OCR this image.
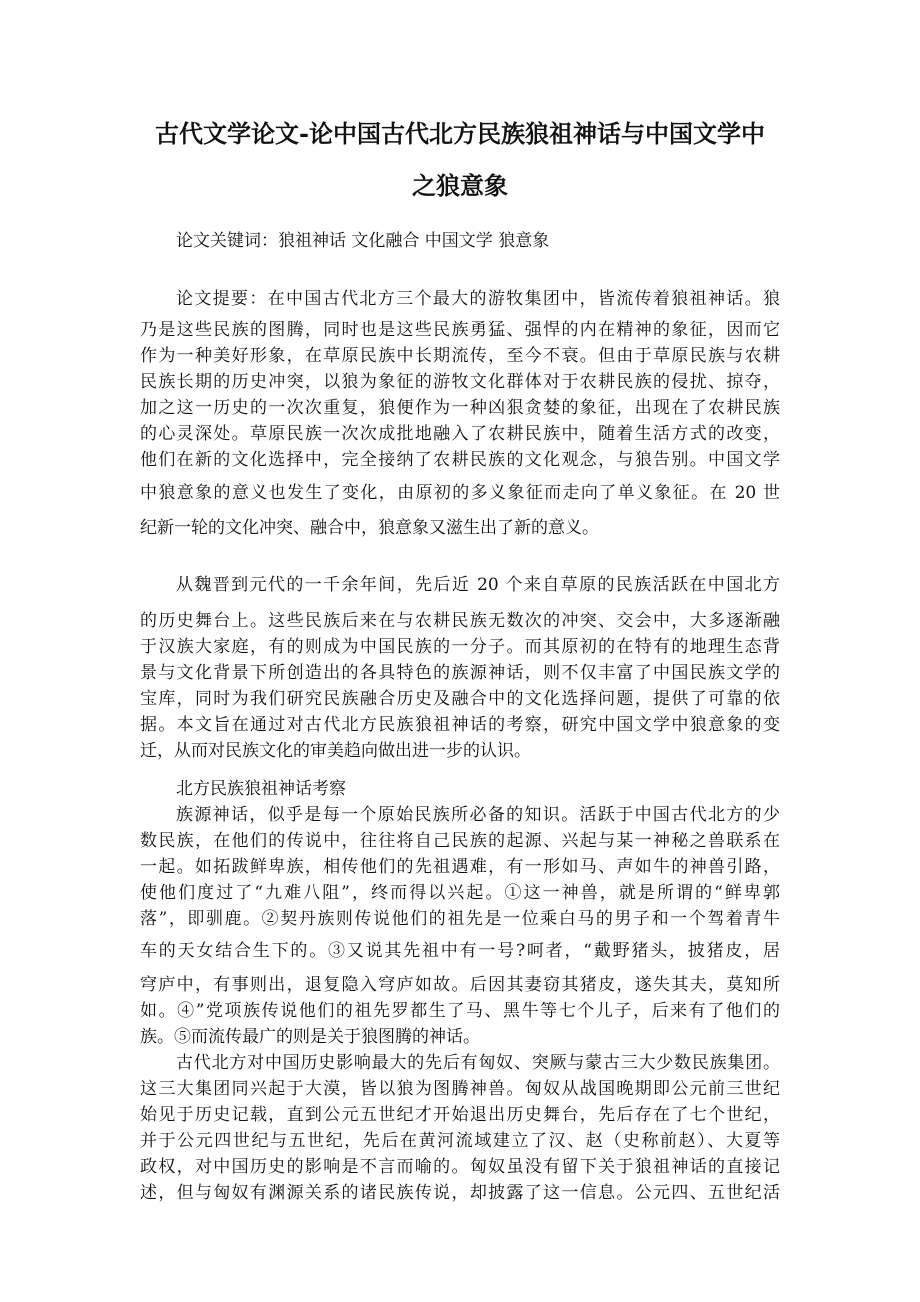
古代文学论文-论中国古代北方民族狼祖神话与中国文学中
之狼意象
论文关键词：狼祖神话 文化融合 中国文学 狼意象
论文提要：在中国古代北方三个最大的游牧集团中，皆流传着狼祖神话。狼
乃是这些民族的图腾，同时也是这些民族勇猛、强悍的内在精神的象征，因而它
作为一种美好形象，在草原民族中长期流传，至今不衰。但由于草原民族与农耕
民族长期的历史冲突，以狼为象征的游牧文化群体对于农耕民族的侵扰、掠夺，
加之这一历史的一次次重复，狼便作为一种凶狠贪婪的象征，出现在了农耕民族
的心灵深处。草原民族一次次成批地融入了农耕民族中，随着生活方式的改变，
他们在新的文化选择中，完全接纳了农耕民族的文化观念，与狼告别。中国文学
中狼意象的意义也发生了变化，由原初的多义象征而走向了单义象征。在 20 世
纪新一轮的文化冲突、融合中，狼意象又滋生出了新的意义。
从魏晋到元代的一千余年间，先后近 20 个来自草原的民族活跃在中国北方
的历史舞台上。这些民族后来在与农耕民族无数次的冲突、交会中，大多逐渐融
于汉族大家庭，有的则成为中国民族的一分子。而其原初的在特有的地理生态背
景与文化背景下所创造出的各具特色的族源神话，则不仅丰富了中国民族文学的
宝库，同时为我们研究民族融合历史及融合中的文化选择问题，提供了可靠的依
据。本文旨在通过对古代北方民族狼祖神话的考察，研究中国文学中狼意象的变
迁，从而对民族文化的审美趋向做出进一步的认识。
北方民族狼祖神话考察
族源神话，似乎是每一个原始民族所必备的知识。活跃于中国古代北方的少
数民族，在他们的传说中，往往将自己民族的起源、兴起与某一神秘之兽联系在
一起。如拓跋鲜卑族，相传他们的先祖遇难，有一形如马、声如牛的神兽引路，
使他们度过了“九难八阻”，终而得以兴起。①这一神兽，就是所谓的“鲜卑郭
落”，即驯鹿。②契丹族则传说他们的祖先是一位乘白马的男子和一个驾着青牛
车的天女结合生下的。③又说其先祖中有一号?呵者，“戴野猪头，披猪皮，居
穹庐中，有事则出，退复隐入穹庐如故。后因其妻窃其猪皮，遂失其夫，莫知所
如。④”党项族传说他们的祖先罗都生了马、黑牛等七个儿子，后来有了他们的
族。⑤而流传最广的则是关于狼图腾的神话。
古代北方对中国历史影响最大的先后有匈奴、突厥与蒙古三大少数民族集团。
这三大集团同兴起于大漠，皆以狼为图腾神兽。匈奴从战国晚期即公元前三世纪
始见于历史记载，直到公元五世纪才开始退出历史舞台，先后存在了七个世纪，
并于公元四世纪与五世纪，先后在黄河流域建立了汉、赵（史称前赵）、大夏等
政权，对中国历史的影响是不言而喻的。匈奴虽没有留下关于狼祖神话的直接记
述，但与匈奴有渊源关系的诸民族传说，却披露了这一信息。公元四、五世纪活
